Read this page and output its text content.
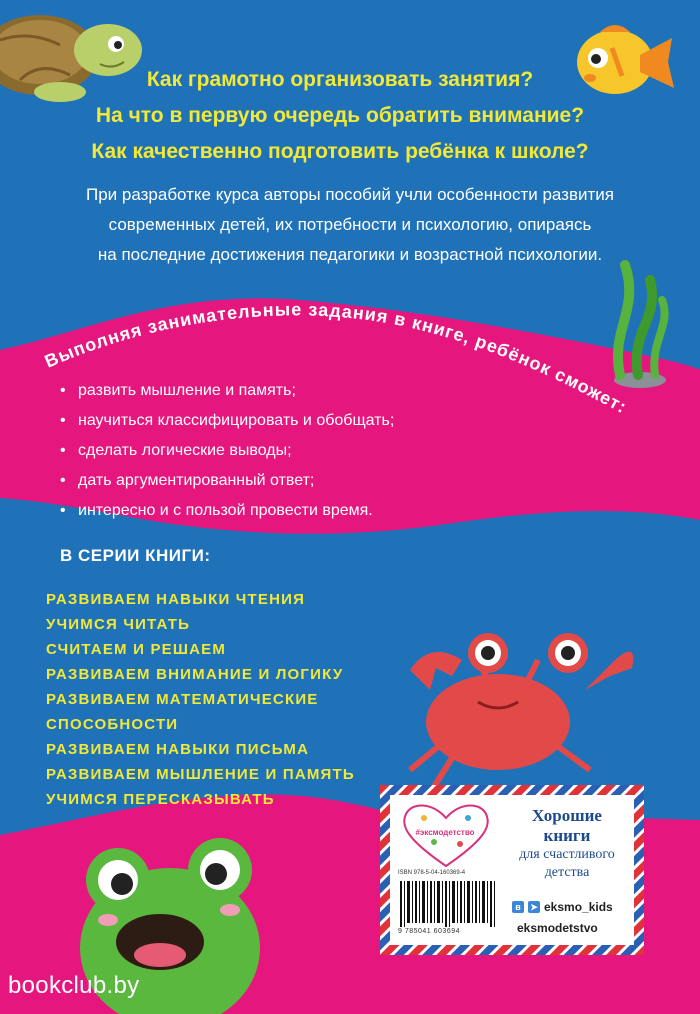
Как грамотно организовать занятия?
На что в первую очередь обратить внимание?
Как качественно подготовить ребёнка к школе?
При разработке курса авторы пособий учли особенности развития
современных детей, их потребности и психологию, опираясь
на последние достижения педагогики и возрастной психологии.
Выполняя занимательные задания в книге, ребёнок сможет:
• развить мышление и память;
• научиться классифицировать и обобщать;
• сделать логические выводы;
• дать аргументированный ответ;
• интересно и с пользой провести время.
В СЕРИИ КНИГИ:
РАЗВИВАЕМ НАВЫКИ ЧТЕНИЯ
УЧИМСЯ ЧИТАТЬ
СЧИТАЕМ И РЕШАЕМ
РАЗВИВАЕМ ВНИМАНИЕ И ЛОГИКУ
РАЗВИВАЕМ МАТЕМАТИЧЕСКИЕ СПОСОБНОСТИ
РАЗВИВАЕМ НАВЫКИ ПИСЬМА
РАЗВИВАЕМ МЫШЛЕНИЕ И ПАМЯТЬ
УЧИМСЯ ПЕРЕСКАЗЫВАТЬ
#эксмодетство
ISBN 978-5-04-160369-4
9 785041 603694
Хорошие
книги
для счастливого
детства
в	➤ eksmo_kids
eksmodetstvo
bookclub.by
